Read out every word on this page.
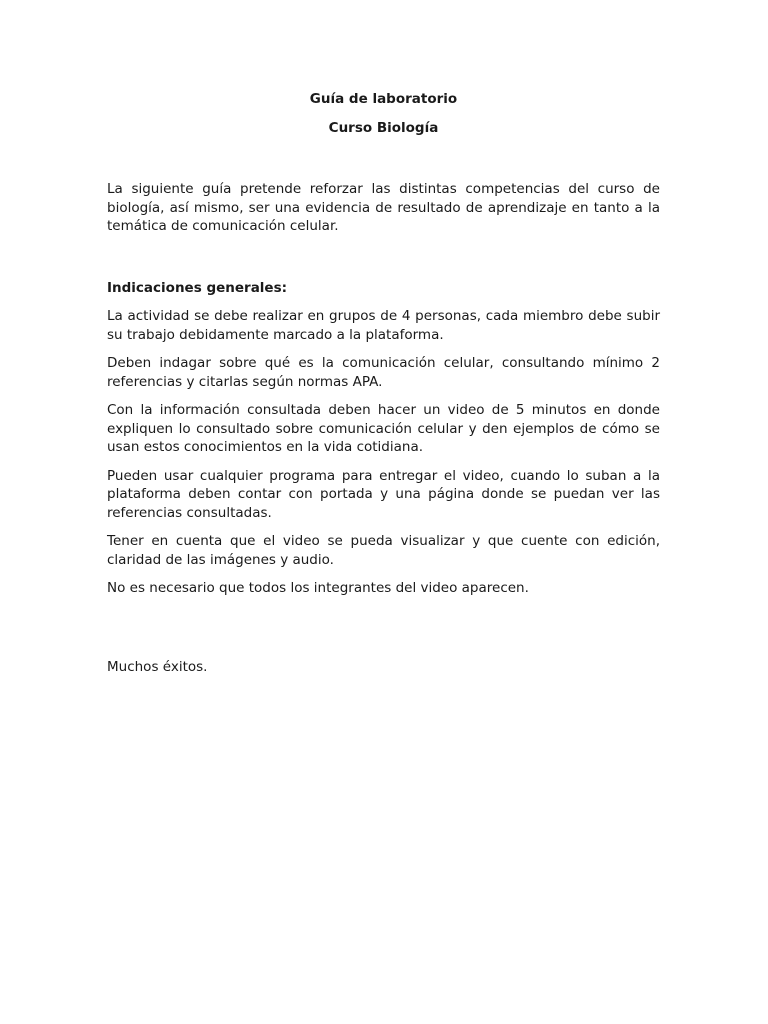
Guía de laboratorio

Curso Biología

La siguiente guía pretende reforzar las distintas competencias del curso de biología, así mismo, ser una evidencia de resultado de aprendizaje en tanto a la temática de comunicación celular.
Indicaciones generales:
La actividad se debe realizar en grupos de 4 personas, cada miembro debe subir su trabajo debidamente marcado a la plataforma.
Deben indagar sobre qué es la comunicación celular, consultando mínimo 2 referencias y citarlas según normas APA.
Con la información consultada deben hacer un video de 5 minutos en donde expliquen lo consultado sobre comunicación celular y den ejemplos de cómo se usan estos conocimientos en la vida cotidiana.
Pueden usar cualquier programa para entregar el video, cuando lo suban a la plataforma deben contar con portada y una página donde se puedan ver las referencias consultadas.
Tener en cuenta que el video se pueda visualizar y que cuente con edición, claridad de las imágenes y audio.
No es necesario que todos los integrantes del video aparecen.
Muchos éxitos.
